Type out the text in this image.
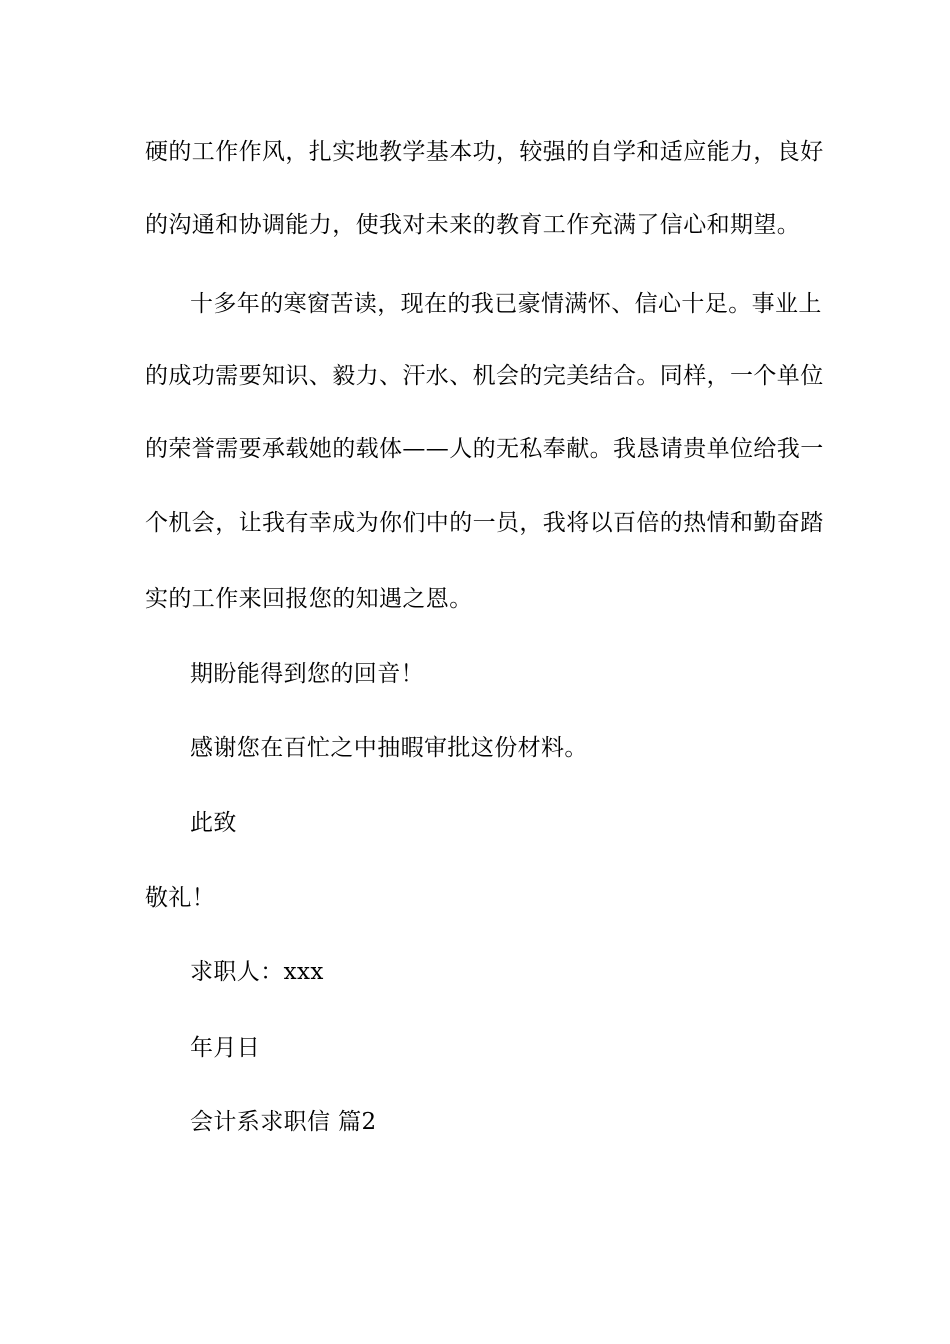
硬的工作作风，扎实地教学基本功，较强的自学和适应能力，良好
的沟通和协调能力，使我对未来的教育工作充满了信心和期望。
十多年的寒窗苦读，现在的我已豪情满怀、信心十足。事业上
的成功需要知识、毅力、汗水、机会的完美结合。同样，一个单位
的荣誉需要承载她的载体——人的无私奉献。我恳请贵单位给我一
个机会，让我有幸成为你们中的一员，我将以百倍的热情和勤奋踏
实的工作来回报您的知遇之恩。
期盼能得到您的回音！
感谢您在百忙之中抽暇审批这份材料。
此致
敬礼！
求职人：xxx
年月日
会计系求职信 篇2
